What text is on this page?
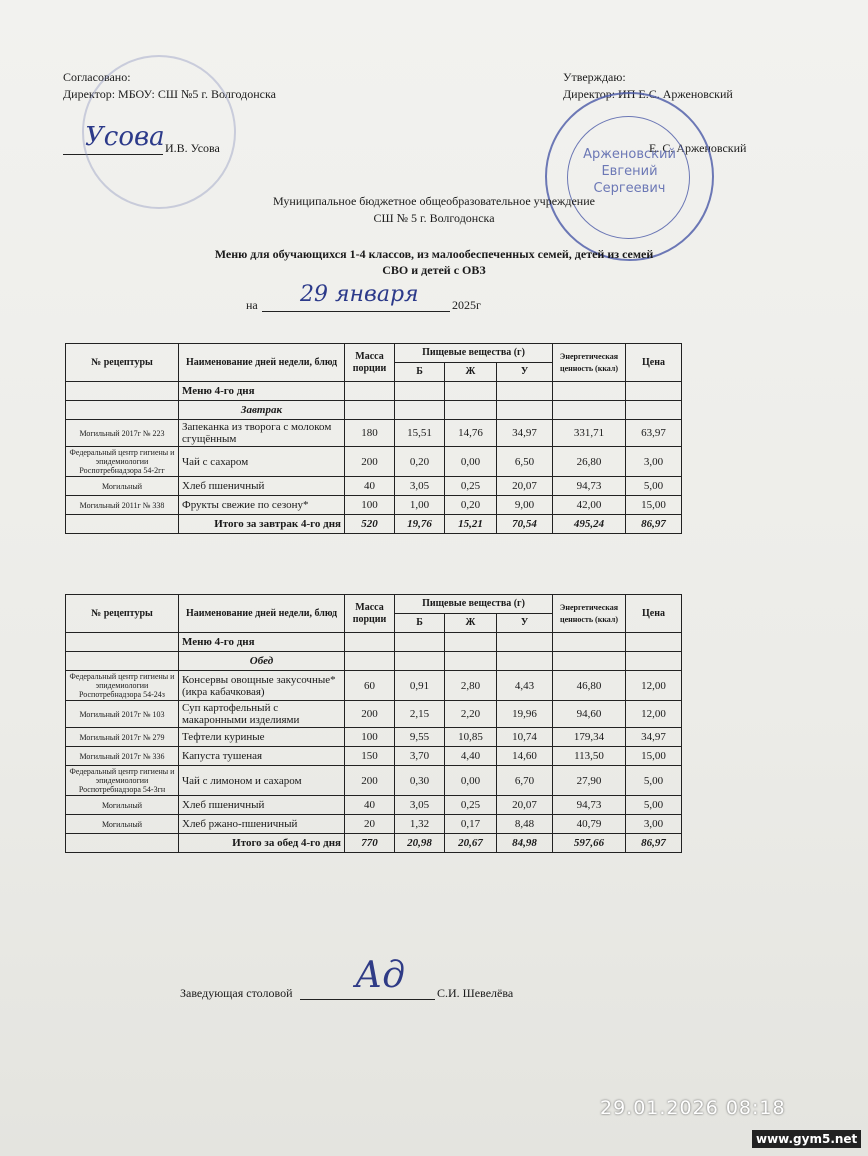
Согласовано:
Директор: МБОУ: СШ №5 г. Волгодонска
Усова И.В. Усова
Утверждаю:
Директор: ИП Е.С. Арженовский
Е. С. Арженовский
Арженовский
Евгений
Сергеевич
Муниципальное бюджетное общеобразовательное учреждение
СШ № 5 г. Волгодонска
Меню для обучающихся 1-4 классов, из малообеспеченных семей, детей из семей
СВО и детей с ОВЗ
на 29 января	2025г
№ рецептуры	Наименование дней недели, блюд	Масса порции	Пищевые вещества (г)			Энергетическая ценность (ккал)	Цена
			Б	Ж	У		
	Меню 4-го дня						
	Завтрак						
Могильный 2017г № 223	Запеканка из творога с молоком сгущённым	180	15,51	14,76	34,97	331,71	63,97
Федеральный центр гигиены и эпидемиологии Роспотребнадзора 54-2гг	Чай с сахаром	200	0,20	0,00	6,50	26,80	3,00
Могильный	Хлеб пшеничный	40	3,05	0,25	20,07	94,73	5,00
Могильный 2011г № 338	Фрукты свежие по сезону*	100	1,00	0,20	9,00	42,00	15,00
	Итого за завтрак 4-го дня	520	19,76	15,21	70,54	495,24	86,97
№ рецептуры	Наименование дней недели, блюд	Масса порции	Пищевые вещества (г)			Энергетическая ценность (ккал)	Цена
			Б	Ж	У		
	Меню 4-го дня						
	Обед						
Федеральный центр гигиены и эпидемиологии Роспотребнадзора 54-24з	Консервы овощные закусочные* (икра кабачковая)	60	0,91	2,80	4,43	46,80	12,00
Могильный 2017г № 103	Суп картофельный с макаронными изделиями	200	2,15	2,20	19,96	94,60	12,00
Могильный 2017г № 279	Тефтели куриные	100	9,55	10,85	10,74	179,34	34,97
Могильный 2017г № 336	Капуста тушеная	150	3,70	4,40	14,60	113,50	15,00
Федеральный центр гигиены и эпидемиологии Роспотребнадзора 54-3гн	Чай с лимоном и сахаром	200	0,30	0,00	6,70	27,90	5,00
Могильный	Хлеб пшеничный	40	3,05	0,25	20,07	94,73	5,00
Могильный	Хлеб ржано-пшеничный	20	1,32	0,17	8,48	40,79	3,00
	Итого за обед 4-го дня	770	20,98	20,67	84,98	597,66	86,97
Заведующая столовой Ад	С.И. Шевелёва
29.01.2026 08:18
www.gym5.net
